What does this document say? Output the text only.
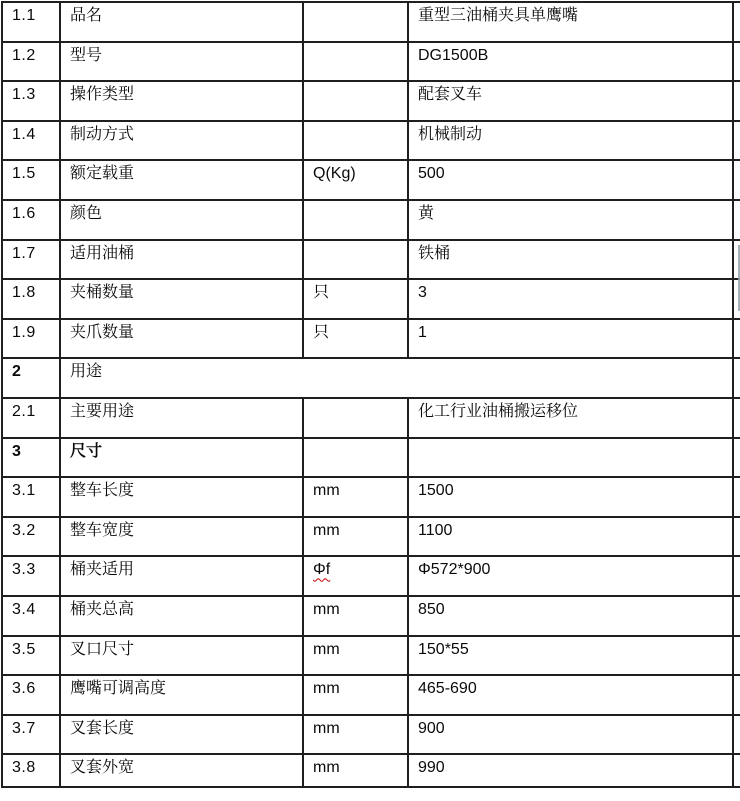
1.1	品名		重型三油桶夹具单鹰嘴	
1.2	型号		DG1500B	
1.3	操作类型		配套叉车	
1.4	制动方式		机械制动	
1.5	额定载重	Q(Kg)	500	
1.6	颜色		黄	
1.7	适用油桶		铁桶	
1.8	夹桶数量	只	3	
1.9	夹爪数量	只	1	
2	用途			
2.1	主要用途		化工行业油桶搬运移位	
3	尺寸			
3.1	整车长度	mm	1500	
3.2	整车宽度	mm	1100	
3.3	桶夹适用	Φf	Φ572*900	
3.4	桶夹总高	mm	850	
3.5	叉口尺寸	mm	150*55	
3.6	鹰嘴可调高度	mm	465-690	
3.7	叉套长度	mm	900	
3.8	叉套外宽	mm	990	
